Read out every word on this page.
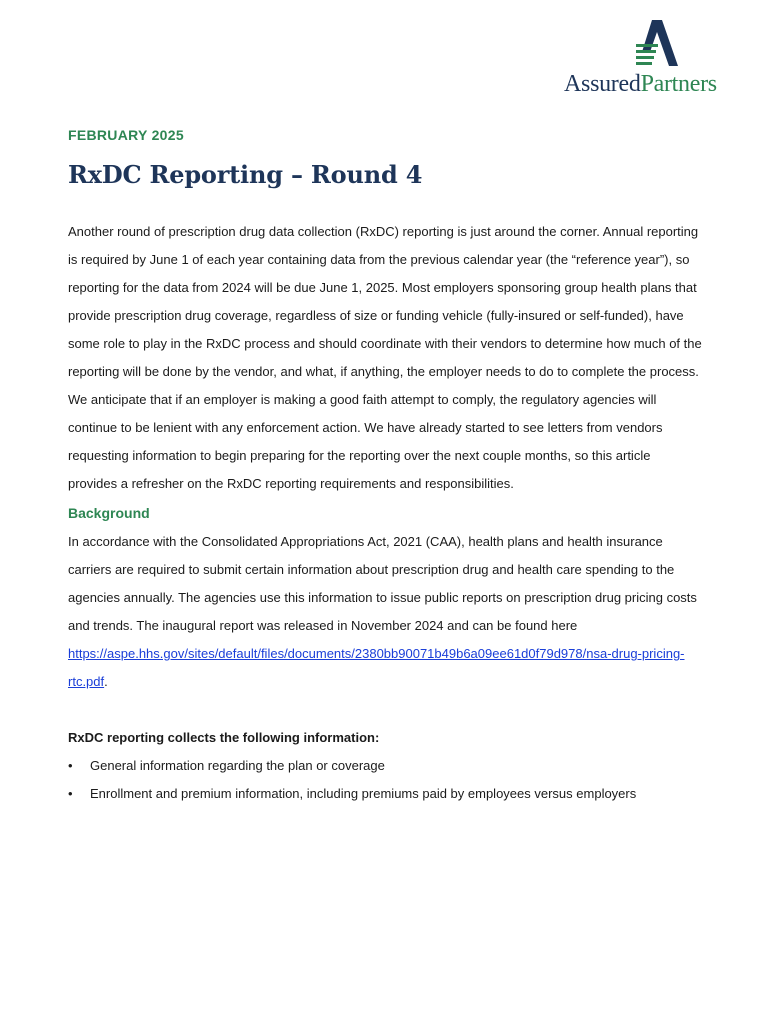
AssuredPartners
FEBRUARY 2025
RxDC Reporting – Round 4

Another round of prescription drug data collection (RxDC) reporting is just around the corner. Annual reporting is required by June 1 of each year containing data from the previous calendar year (the “reference year”), so reporting for the data from 2024 will be due June 1, 2025. Most employers sponsoring group health plans that provide prescription drug coverage, regardless of size or funding vehicle (fully-insured or self-funded), have some role to play in the RxDC process and should coordinate with their vendors to determine how much of the reporting will be done by the vendor, and what, if anything, the employer needs to do to complete the process. We anticipate that if an employer is making a good faith attempt to comply, the regulatory agencies will continue to be lenient with any enforcement action. We have already started to see letters from vendors requesting information to begin preparing for the reporting over the next couple months, so this article provides a refresher on the RxDC reporting requirements and responsibilities.

Background

In accordance with the Consolidated Appropriations Act, 2021 (CAA), health plans and health insurance carriers are required to submit certain information about prescription drug and health care spending to the agencies annually. The agencies use this information to issue public reports on prescription drug pricing costs and trends. The inaugural report was released in November 2024 and can be found here https://aspe.hhs.gov/sites/default/files/documents/2380bb90071b49b6a09ee61d0f79d978/nsa-drug-pricing-rtc.pdf.

RxDC reporting collects the following information:

• General information regarding the plan or coverage
• Enrollment and premium information, including premiums paid by employees versus employers
